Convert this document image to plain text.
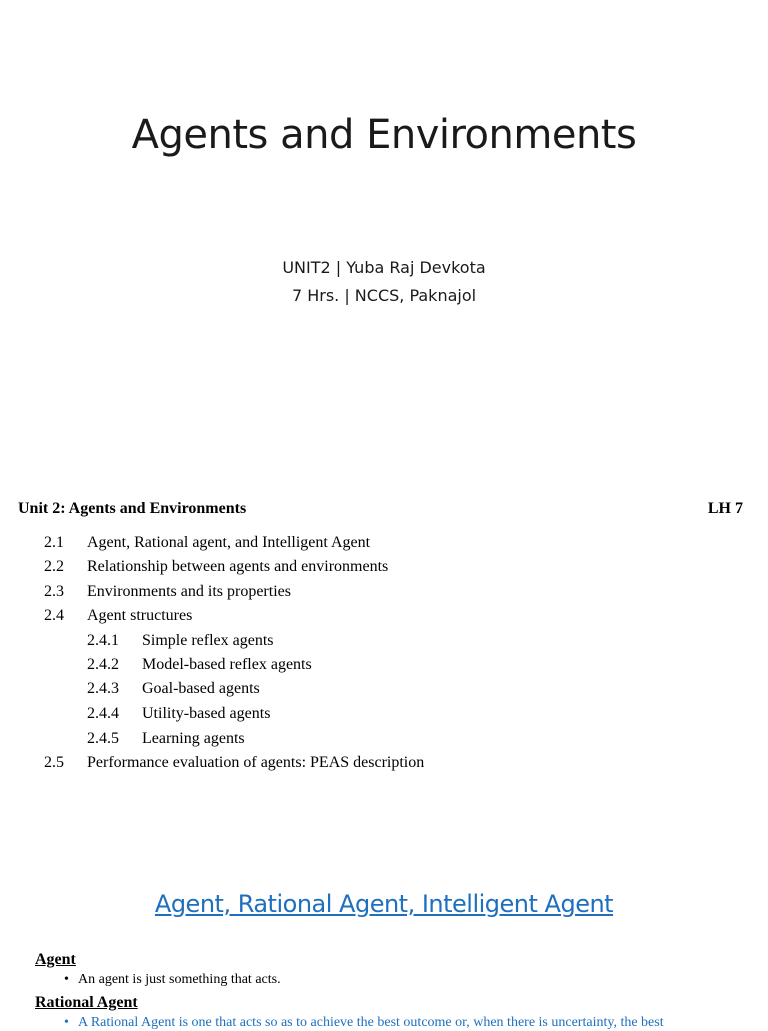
Agents and Environments
UNIT2 | Yuba Raj Devkota
7 Hrs. | NCCS, Paknajol
Unit 2: Agents and Environments	LH 7
2.1 Agent, Rational agent, and Intelligent Agent
2.2 Relationship between agents and environments
2.3 Environments and its properties
2.4 Agent structures
2.4.1 Simple reflex agents
2.4.2 Model-based reflex agents
2.4.3 Goal-based agents
2.4.4 Utility-based agents
2.4.5 Learning agents
2.5 Performance evaluation of agents: PEAS description
Agent, Rational Agent, Intelligent Agent
Agent
• An agent is just something that acts.
Rational Agent
• A Rational Agent is one that acts so as to achieve the best outcome or, when there is uncertainty, the best
